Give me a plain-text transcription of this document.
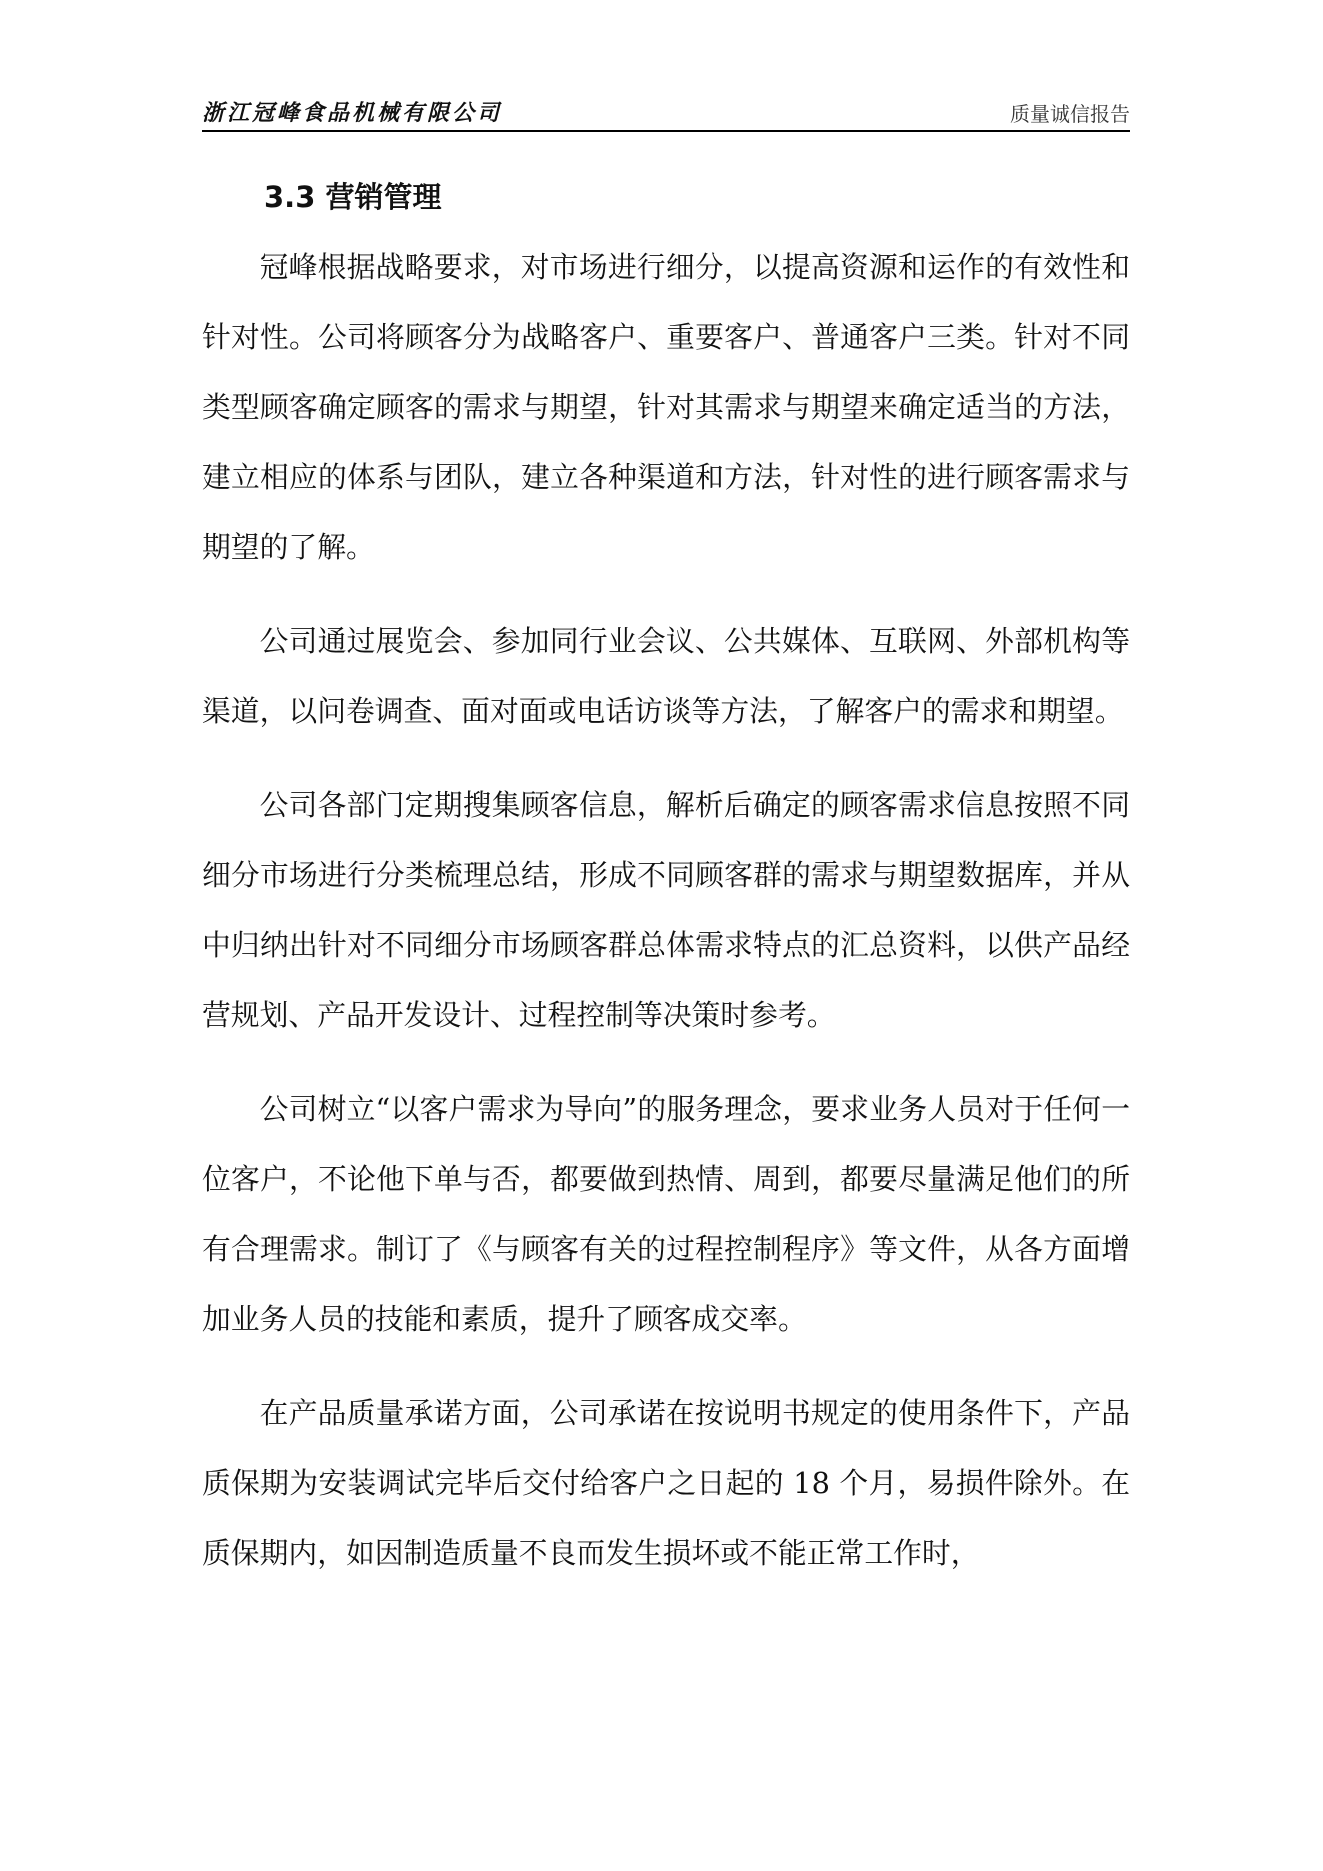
浙江冠峰食品机械有限公司	质量诚信报告
3.3 营销管理

冠峰根据战略要求，对市场进行细分，以提高资源和运作的有效性和针对性。公司将顾客分为战略客户、重要客户、普通客户三类。针对不同类型顾客确定顾客的需求与期望，针对其需求与期望来确定适当的方法，建立相应的体系与团队，建立各种渠道和方法，针对性的进行顾客需求与期望的了解。

公司通过展览会、参加同行业会议、公共媒体、互联网、外部机构等渠道，以问卷调查、面对面或电话访谈等方法，了解客户的需求和期望。

公司各部门定期搜集顾客信息，解析后确定的顾客需求信息按照不同细分市场进行分类梳理总结，形成不同顾客群的需求与期望数据库，并从中归纳出针对不同细分市场顾客群总体需求特点的汇总资料，以供产品经营规划、产品开发设计、过程控制等决策时参考。

公司树立“以客户需求为导向”的服务理念，要求业务人员对于任何一位客户，不论他下单与否，都要做到热情、周到，都要尽量满足他们的所有合理需求。制订了《与顾客有关的过程控制程序》等文件，从各方面增加业务人员的技能和素质，提升了顾客成交率。

在产品质量承诺方面，公司承诺在按说明书规定的使用条件下，产品质保期为安装调试完毕后交付给客户之日起的 18 个月，易损件除外。在质保期内，如因制造质量不良而发生损坏或不能正常工作时，
